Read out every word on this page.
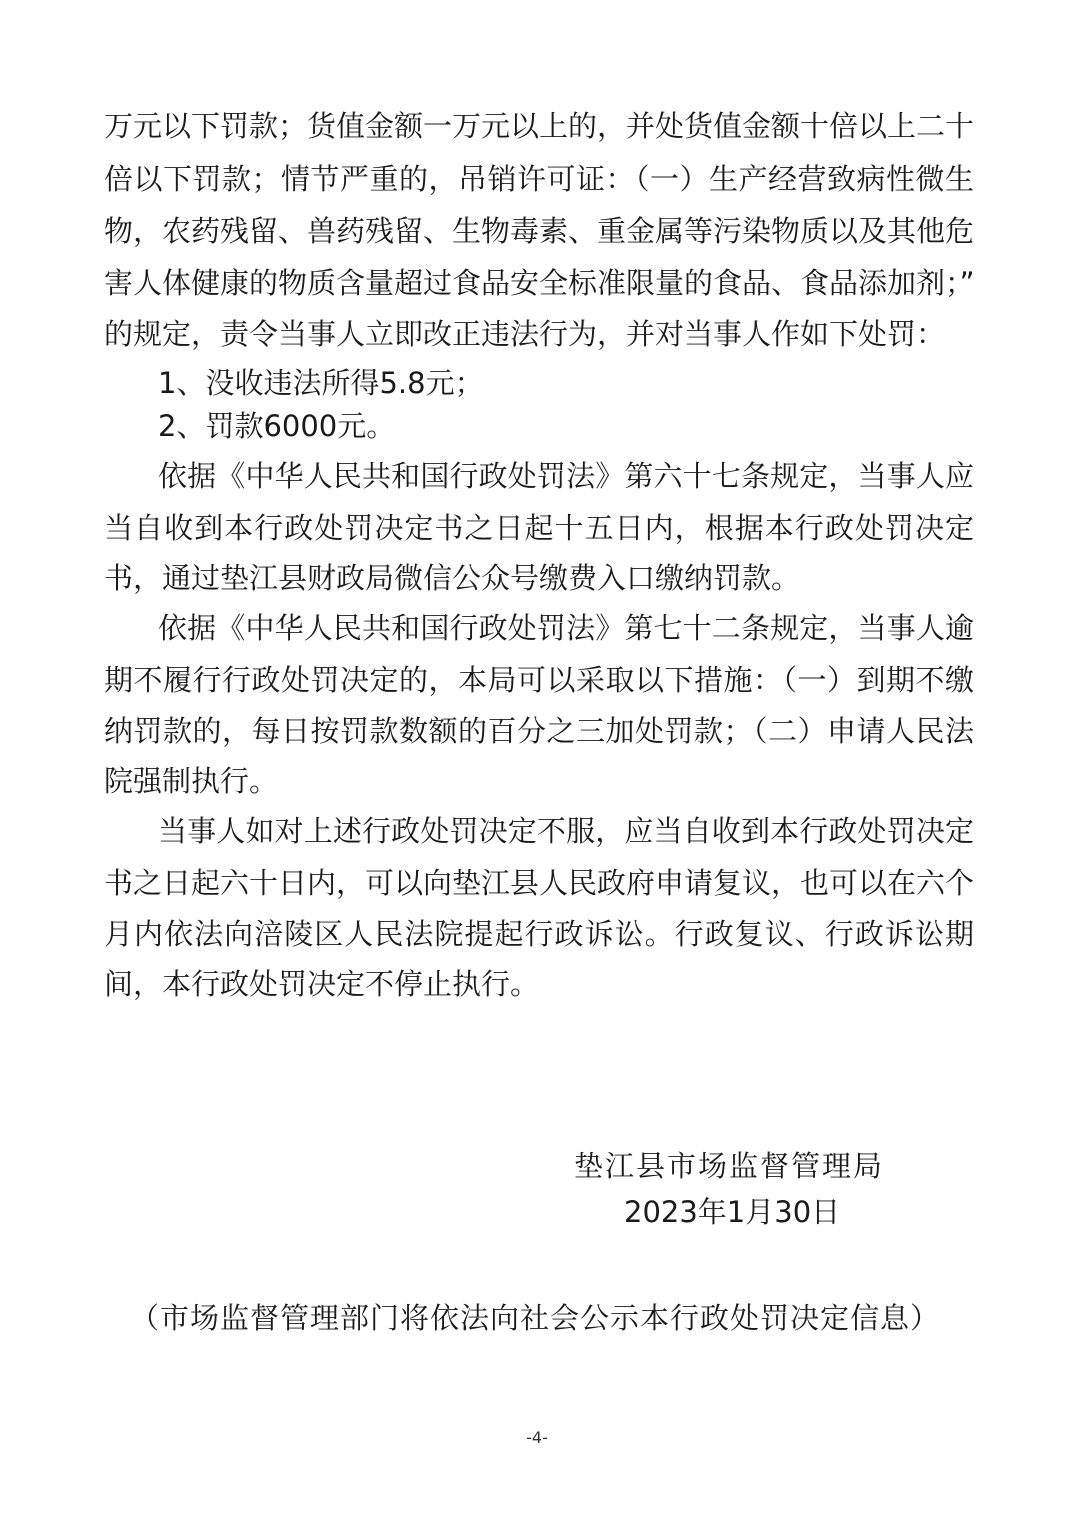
万元以下罚款；货值金额一万元以上的，并处货值金额十倍以上二十
倍以下罚款；情节严重的，吊销许可证：（一）生产经营致病性微生
物，农药残留、兽药残留、生物毒素、重金属等污染物质以及其他危
害人体健康的物质含量超过食品安全标准限量的食品、食品添加剂；”
的规定，责令当事人立即改正违法行为，并对当事人作如下处罚：
1、没收违法所得5.8元；
2、罚款6000元。
依据《中华人民共和国行政处罚法》第六十七条规定，当事人应
当自收到本行政处罚决定书之日起十五日内，根据本行政处罚决定
书，通过垫江县财政局微信公众号缴费入口缴纳罚款。
依据《中华人民共和国行政处罚法》第七十二条规定，当事人逾
期不履行行政处罚决定的，本局可以采取以下措施：（一）到期不缴
纳罚款的，每日按罚款数额的百分之三加处罚款；（二）申请人民法
院强制执行。
当事人如对上述行政处罚决定不服，应当自收到本行政处罚决定
书之日起六十日内，可以向垫江县人民政府申请复议，也可以在六个
月内依法向涪陵区人民法院提起行政诉讼。行政复议、行政诉讼期
间，本行政处罚决定不停止执行。
垫江县市场监督管理局
2023年1月30日
（市场监督管理部门将依法向社会公示本行政处罚决定信息）
-4-
